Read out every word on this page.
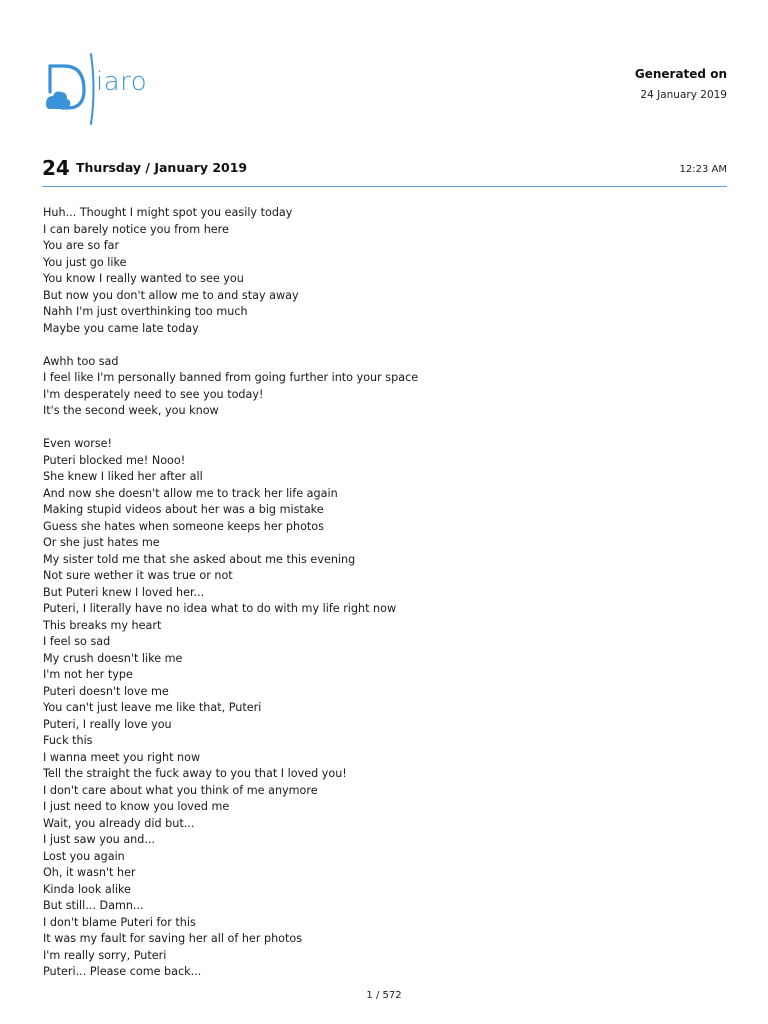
iaro	Generated on
24 January 2019
24 Thursday / January 2019	12:23 AM
Huh... Thought I might spot you easily today
I can barely notice you from here
You are so far
You just go like
You know I really wanted to see you
But now you don't allow me to and stay away
Nahh I'm just overthinking too much
Maybe you came late today
Awhh too sad
I feel like I'm personally banned from going further into your space
I'm desperately need to see you today!
It's the second week, you know
Even worse!
Puteri blocked me! Nooo!
She knew I liked her after all
And now she doesn't allow me to track her life again
Making stupid videos about her was a big mistake
Guess she hates when someone keeps her photos
Or she just hates me
My sister told me that she asked about me this evening
Not sure wether it was true or not
But Puteri knew I loved her...
Puteri, I literally have no idea what to do with my life right now
This breaks my heart
I feel so sad
My crush doesn't like me
I'm not her type
Puteri doesn't love me
You can't just leave me like that, Puteri
Puteri, I really love you
Fuck this
I wanna meet you right now
Tell the straight the fuck away to you that I loved you!
I don't care about what you think of me anymore
I just need to know you loved me
Wait, you already did but...
I just saw you and...
Lost you again
Oh, it wasn't her
Kinda look alike
But still... Damn...
I don't blame Puteri for this
It was my fault for saving her all of her photos
I'm really sorry, Puteri
Puteri... Please come back...
1 / 572
